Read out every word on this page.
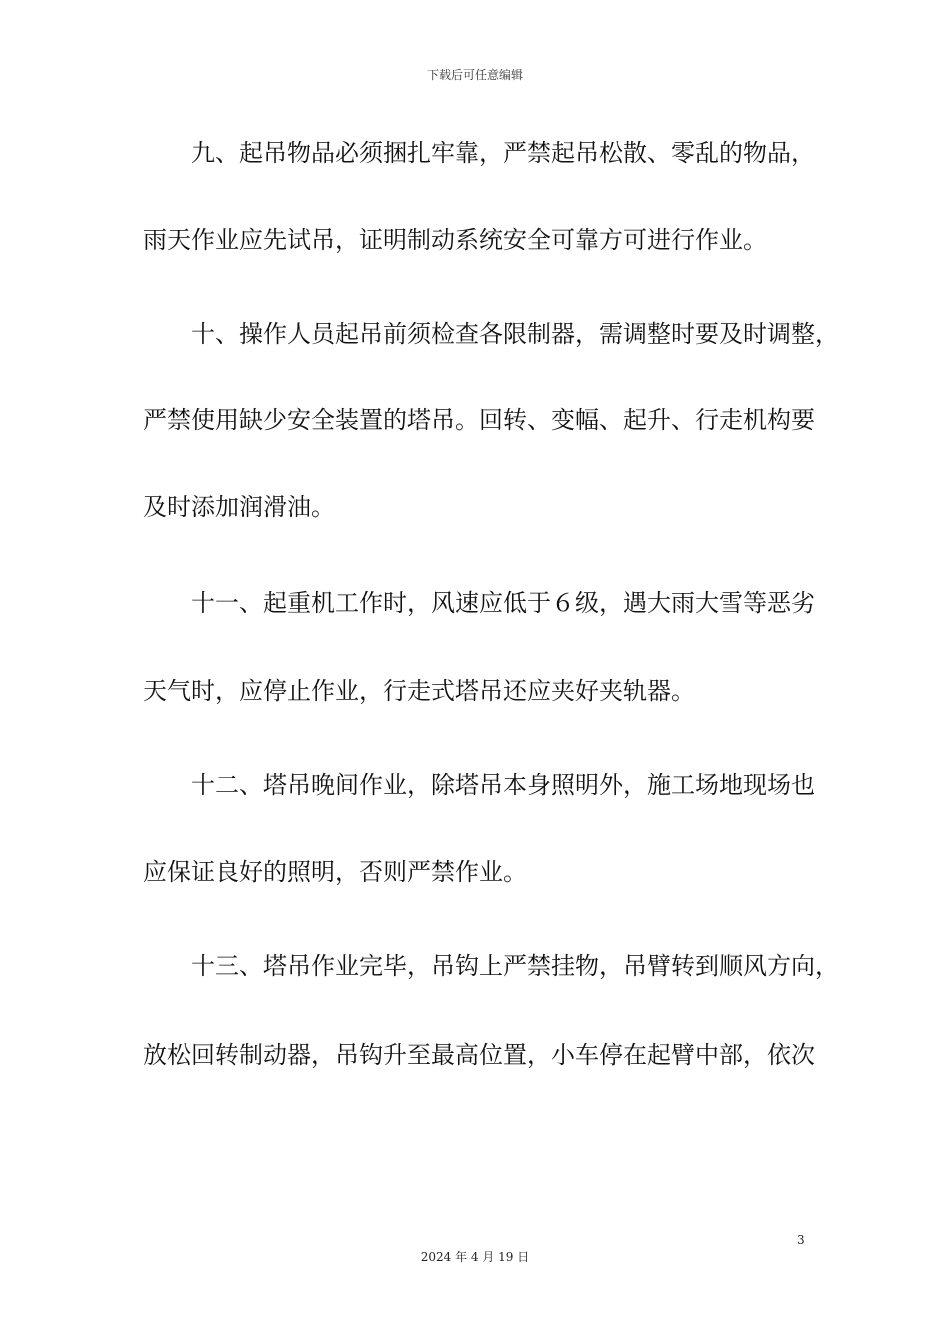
下载后可任意编辑
九、起吊物品必须捆扎牢靠，严禁起吊松散、零乱的物品，
雨天作业应先试吊，证明制动系统安全可靠方可进行作业。
十、操作人员起吊前须检查各限制器，需调整时要及时调整，
严禁使用缺少安全装置的塔吊。回转、变幅、起升、行走机构要
及时添加润滑油。
十一、起重机工作时，风速应低于６级，遇大雨大雪等恶劣
天气时，应停止作业，行走式塔吊还应夹好夹轨器。
十二、塔吊晚间作业，除塔吊本身照明外，施工场地现场也
应保证良好的照明，否则严禁作业。
十三、塔吊作业完毕，吊钩上严禁挂物，吊臂转到顺风方向，
放松回转制动器，吊钩升至最高位置，小车停在起臂中部，依次
3
2024 年 4 月 19 日
